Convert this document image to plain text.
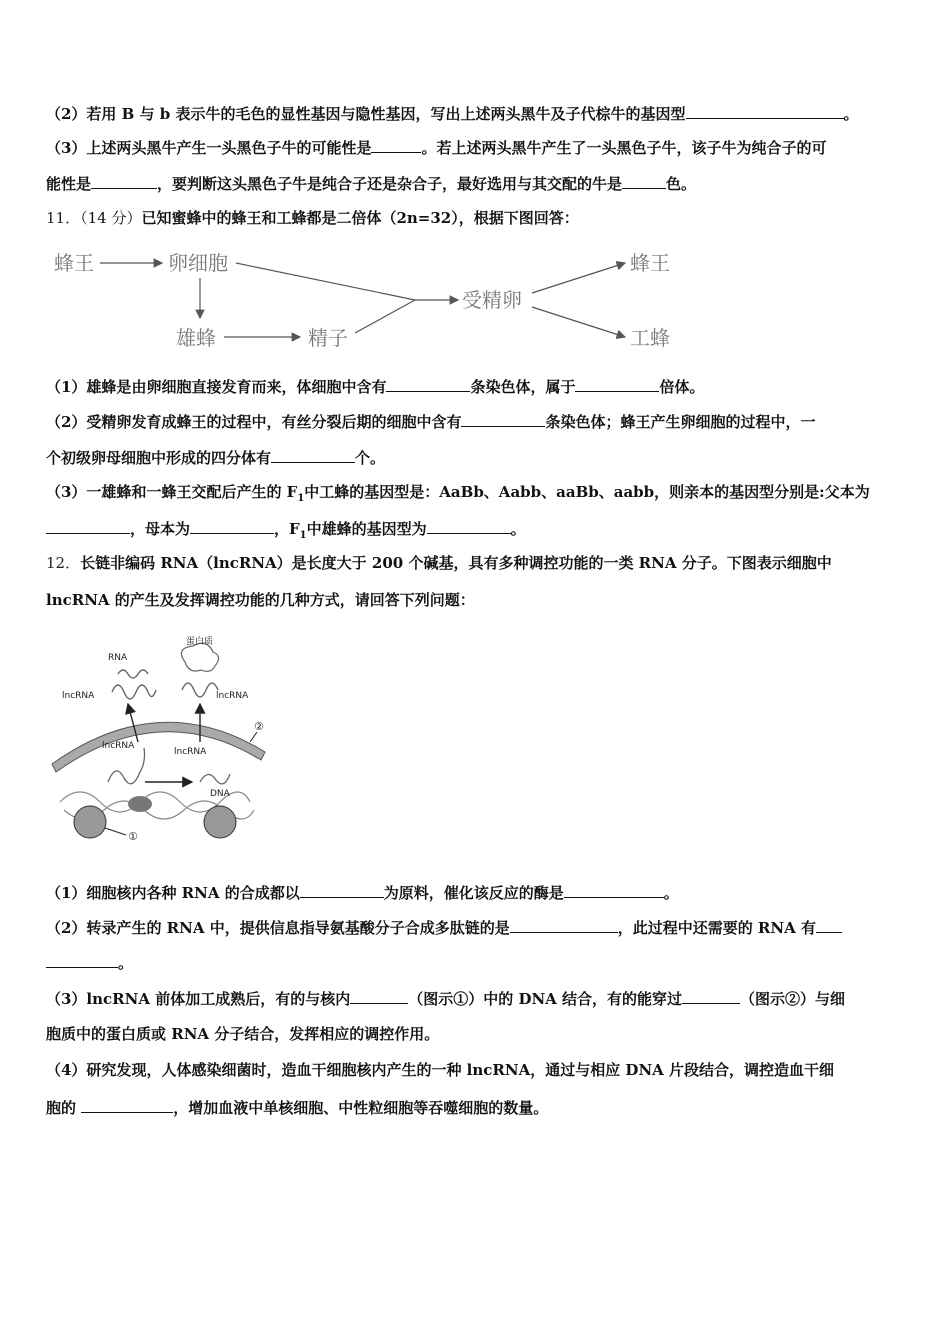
（2）若用 B 与 b 表示牛的毛色的显性基因与隐性基因，写出上述两头黑牛及子代棕牛的基因型	。
（3）上述两头黑牛产生一头黑色子牛的可能性是	。若上述两头黑牛产生了一头黑色子牛，该子牛为纯合子的可
能性是	，要判断这头黑色子牛是纯合子还是杂合子，最好选用与其交配的牛是	色。
11．（14 分）已知蜜蜂中的蜂王和工蜂都是二倍体（2n=32），根据下图回答：
蜂王	卵细胞
雄蜂	精子
受精卵
蜂王
工蜂
（1）雄蜂是由卵细胞直接发育而来，体细胞中含有	条染色体，属于	倍体。
（2）受精卵发育成蜂王的过程中，有丝分裂后期的细胞中含有	条染色体；蜂王产生卵细胞的过程中，一
个初级卵母细胞中形成的四分体有	个。
（3）一雄蜂和一蜂王交配后产生的 $F_1$中工蜂的基因型是：AaBb、Aabb、aaBb、aabb，则亲本的基因型分别是:父本为
，母本为	，$F_1$中雄蜂的基因型为	。
12．长链非编码 RNA（lncRNA）是长度大于 200 个碱基，具有多种调控功能的一类 RNA 分子。下图表示细胞中
lncRNA 的产生及发挥调控功能的几种方式，请回答下列问题：
RNA
蛋白质
lncRNA	lncRNA
lncRNA
lncRNA
DNA
①
②
（1）细胞核内各种 RNA 的合成都以	为原料，催化该反应的酶是	。
（2）转录产生的 RNA 中，提供信息指导氨基酸分子合成多肽链的是	，此过程中还需要的 RNA 有
。
（3）lncRNA 前体加工成熟后，有的与核内	（图示①）中的 DNA 结合，有的能穿过	（图示②）与细
胞质中的蛋白质或 RNA 分子结合，发挥相应的调控作用。
（4）研究发现，人体感染细菌时，造血干细胞核内产生的一种 lncRNA，通过与相应 DNA 片段结合，调控造血干细
胞的	，增加血液中单核细胞、中性粒细胞等吞噬细胞的数量。
